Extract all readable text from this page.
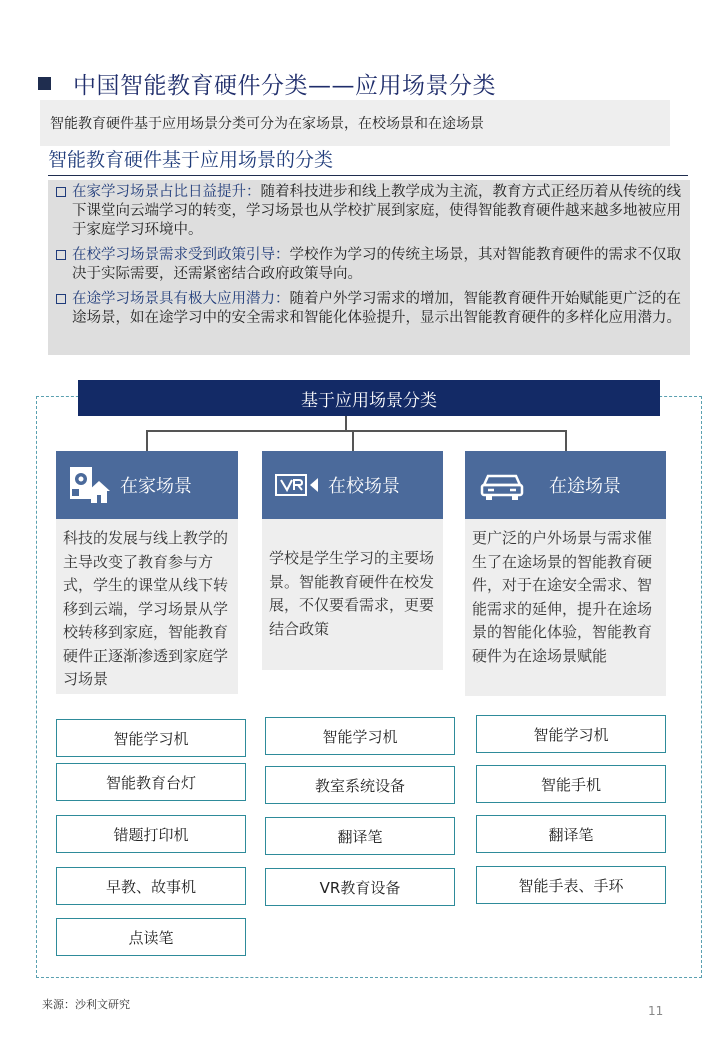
中国智能教育硬件分类——应用场景分类
智能教育硬件基于应用场景分类可分为在家场景，在校场景和在途场景
智能教育硬件基于应用场景的分类
在家学习场景占比日益提升：随着科技进步和线上教学成为主流，教育方式正经历着从传统的线下课堂向云端学习的转变，学习场景也从学校扩展到家庭，使得智能教育硬件越来越多地被应用于家庭学习环境中。
在校学习场景需求受到政策引导：学校作为学习的传统主场景，其对智能教育硬件的需求不仅取决于实际需要，还需紧密结合政府政策导向。
在途学习场景具有极大应用潜力：随着户外学习需求的增加，智能教育硬件开始赋能更广泛的在途场景，如在途学习中的安全需求和智能化体验提升，显示出智能教育硬件的多样化应用潜力。
基于应用场景分类
在家场景
科技的发展与线上教学的主导改变了教育参与方式，学生的课堂从线下转移到云端，学习场景从学校转移到家庭，智能教育硬件正逐渐渗透到家庭学习场景
在校场景
学校是学生学习的主要场景。智能教育硬件在校发展，不仅要看需求，更要结合政策
在途场景
更广泛的户外场景与需求催生了在途场景的智能教育硬件，对于在途安全需求、智能需求的延伸，提升在途场景的智能化体验，智能教育硬件为在途场景赋能
智能学习机
智能教育台灯
错题打印机
早教、故事机
点读笔
智能学习机
教室系统设备
翻译笔
VR教育设备
智能学习机
智能手机
翻译笔
智能手表、手环
来源：沙利文研究	11
